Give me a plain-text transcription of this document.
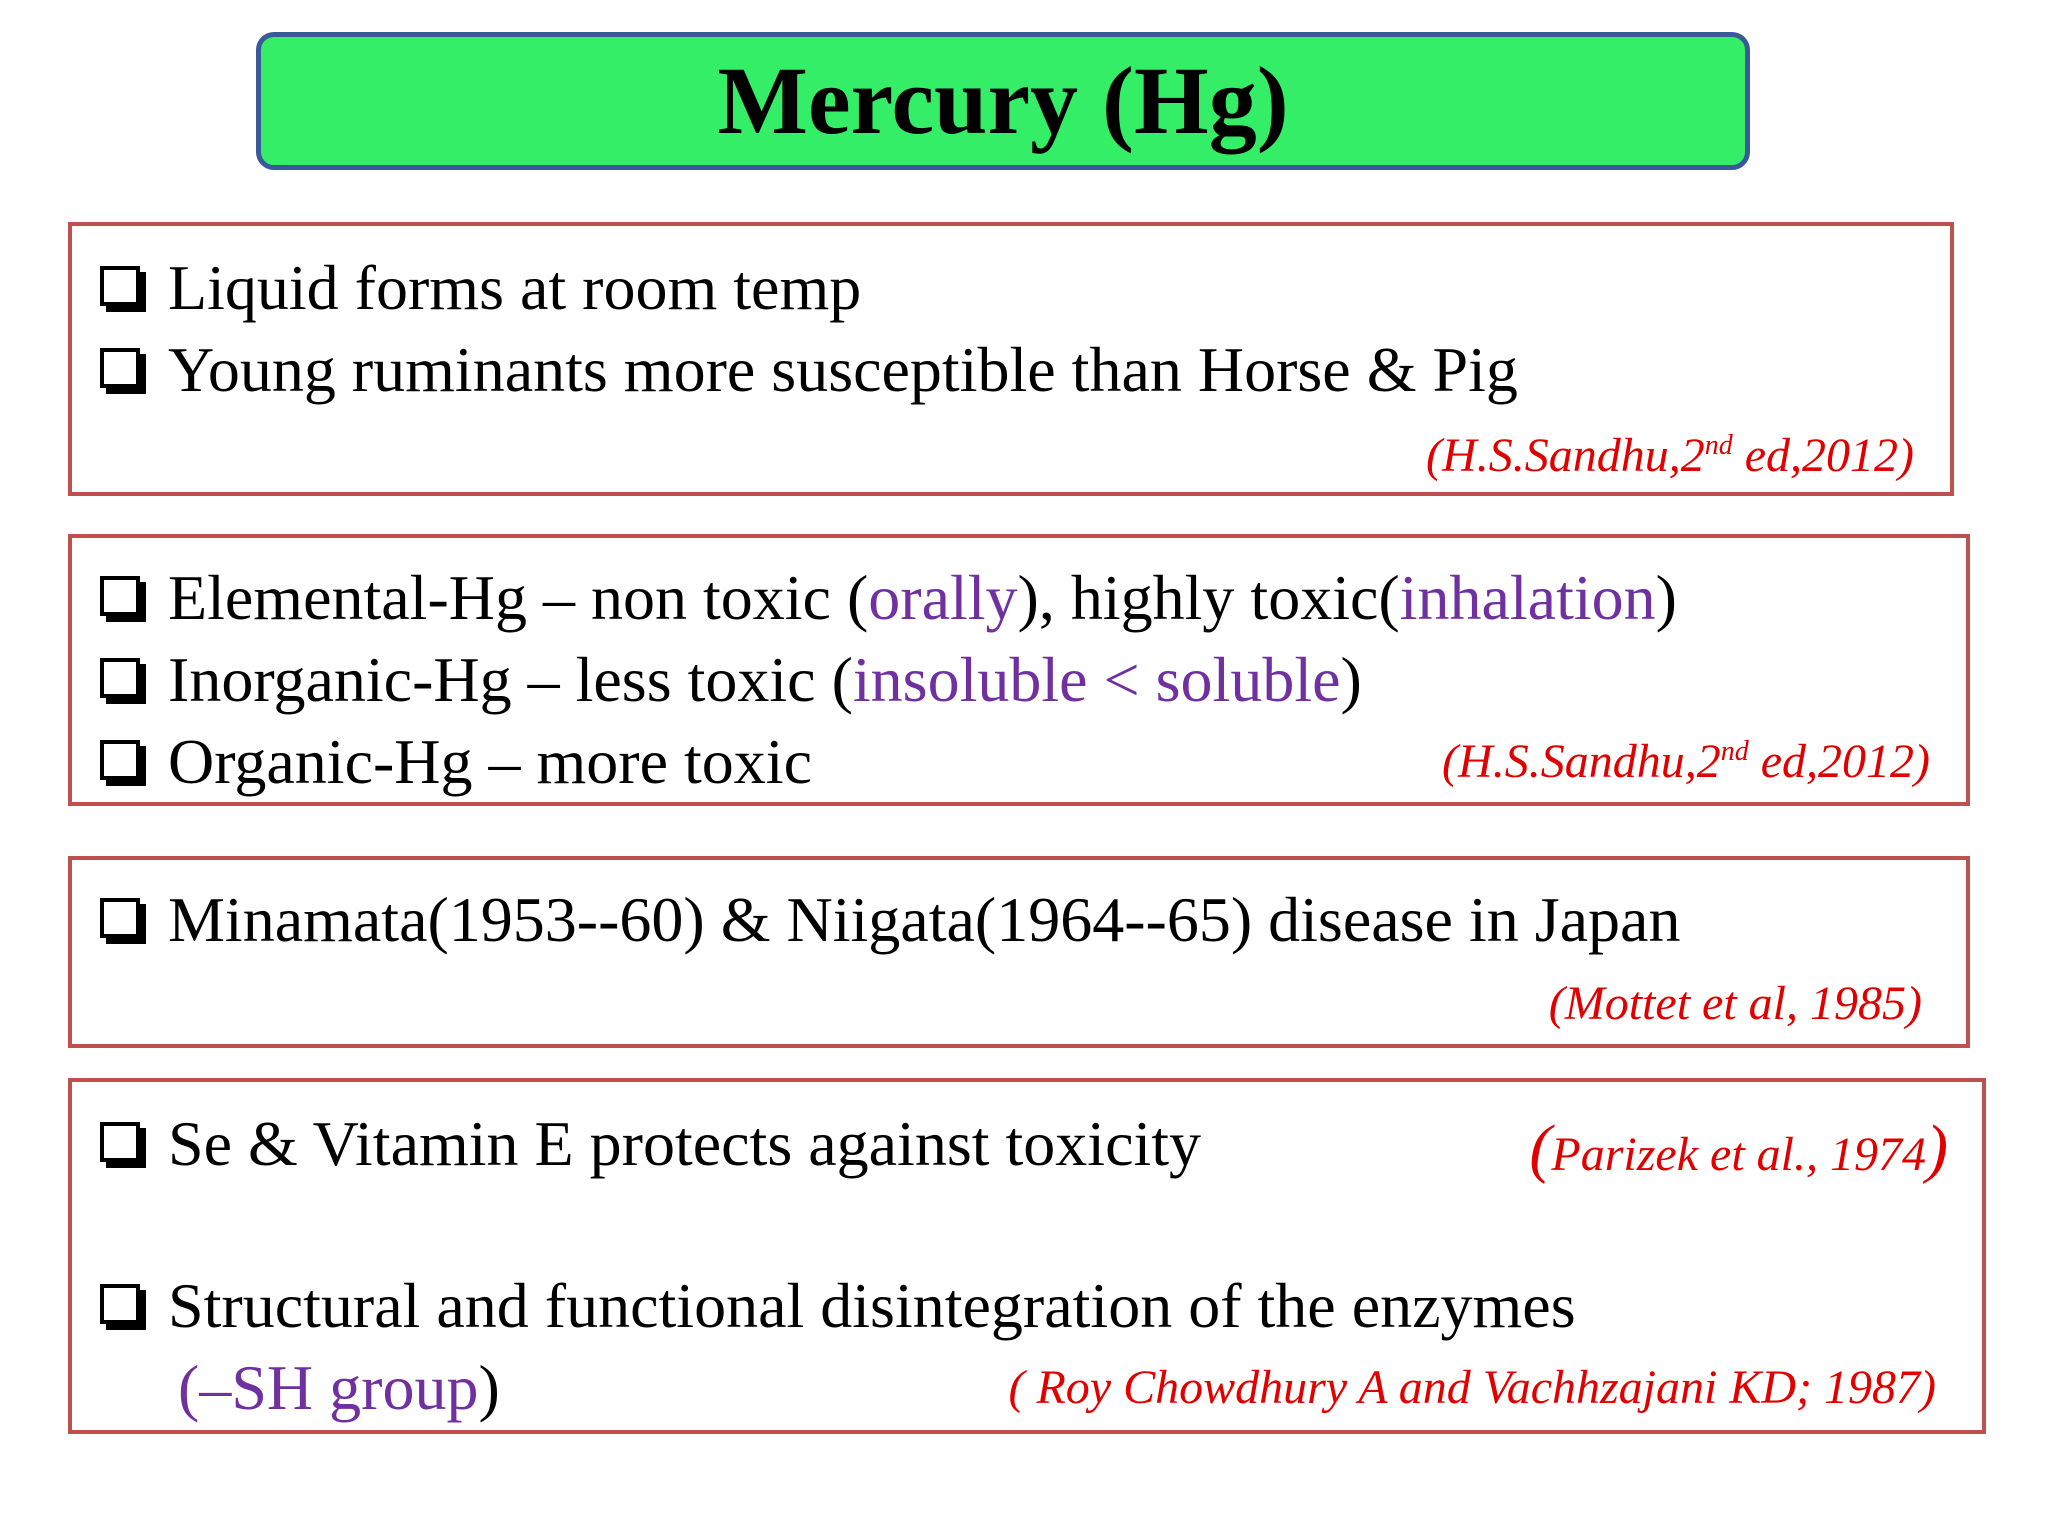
Mercury (Hg)
Liquid forms at room temp
Young ruminants more susceptible than Horse & Pig
(H.S.Sandhu,2nd ed,2012)
Elemental-Hg – non toxic ( orally ), highly toxic( inhalation )
Inorganic-Hg – less toxic ( insoluble < soluble )
Organic-Hg – more toxic	(H.S.Sandhu,2nd ed,2012)
Minamata(1953--60) & Niigata(1964--65) disease in Japan
(Mottet et al, 1985)
Se & Vitamin E protects against toxicity	(Parizek et al., 1974)
Structural and functional disintegration of the enzymes
(–SH group )	( Roy Chowdhury A and Vachhzajani KD; 1987)
